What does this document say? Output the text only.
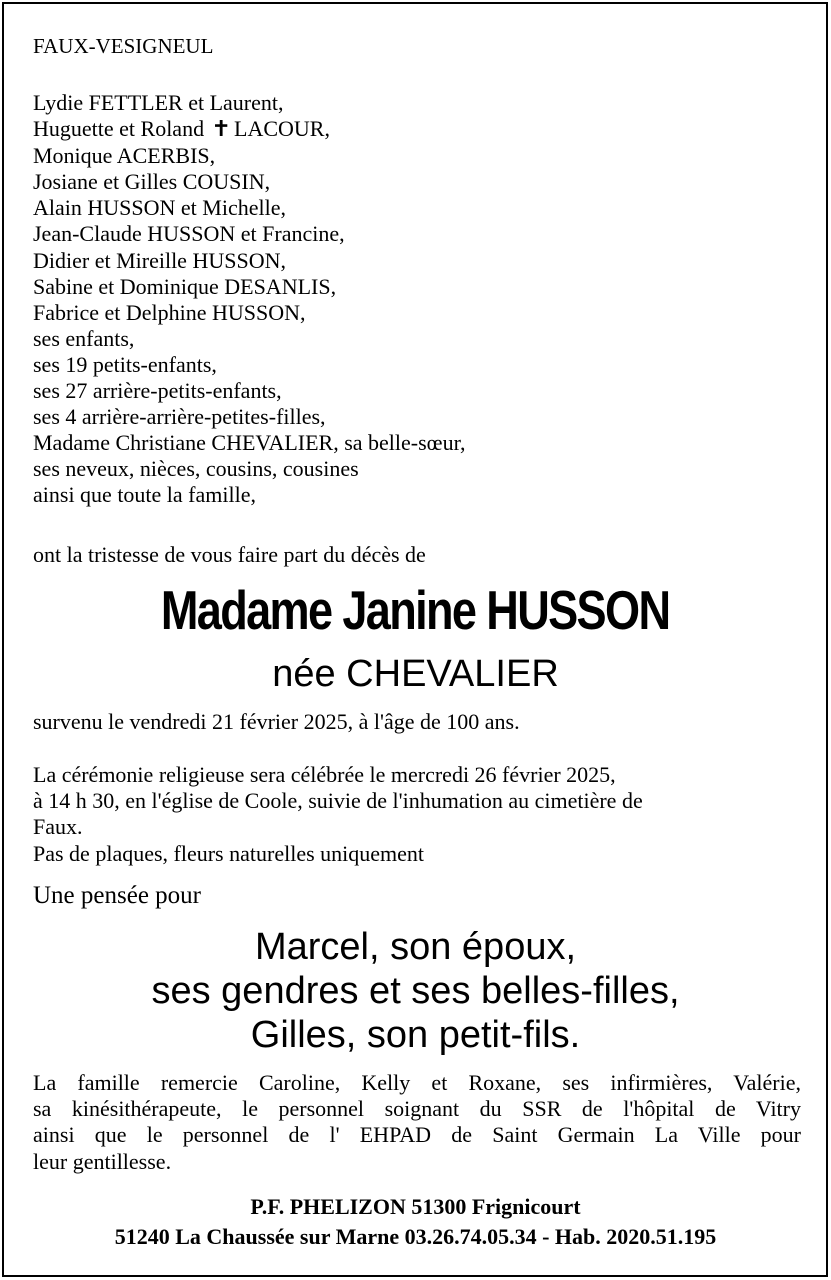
FAUX-VESIGNEUL
Lydie FETTLER et Laurent,
Huguette et Roland ✝ LACOUR,
Monique ACERBIS,
Josiane et Gilles COUSIN,
Alain HUSSON et Michelle,
Jean-Claude HUSSON et Francine,
Didier et Mireille HUSSON,
Sabine et Dominique DESANLIS,
Fabrice et Delphine HUSSON,
ses enfants,
ses 19 petits-enfants,
ses 27 arrière-petits-enfants,
ses 4 arrière-arrière-petites-filles,
Madame Christiane CHEVALIER, sa belle-sœur,
ses neveux, nièces, cousins, cousines
ainsi que toute la famille,
ont la tristesse de vous faire part du décès de
Madame Janine HUSSON
née CHEVALIER
survenu le vendredi 21 février 2025, à l'âge de 100 ans.
La cérémonie religieuse sera célébrée le mercredi 26 février 2025,
à 14 h 30, en l'église de Coole, suivie de l'inhumation au cimetière de
Faux.
Pas de plaques, fleurs naturelles uniquement
Une pensée pour
Marcel, son époux,
ses gendres et ses belles-filles,
Gilles, son petit-fils.
La famille remercie Caroline, Kelly et Roxane, ses infirmières, Valérie,
sa kinésithérapeute, le personnel soignant du SSR de l'hôpital de Vitry
ainsi que le personnel de l' EHPAD de Saint Germain La Ville pour
leur gentillesse.
P.F. PHELIZON 51300 Frignicourt
51240 La Chaussée sur Marne 03.26.74.05.34 - Hab. 2020.51.195
